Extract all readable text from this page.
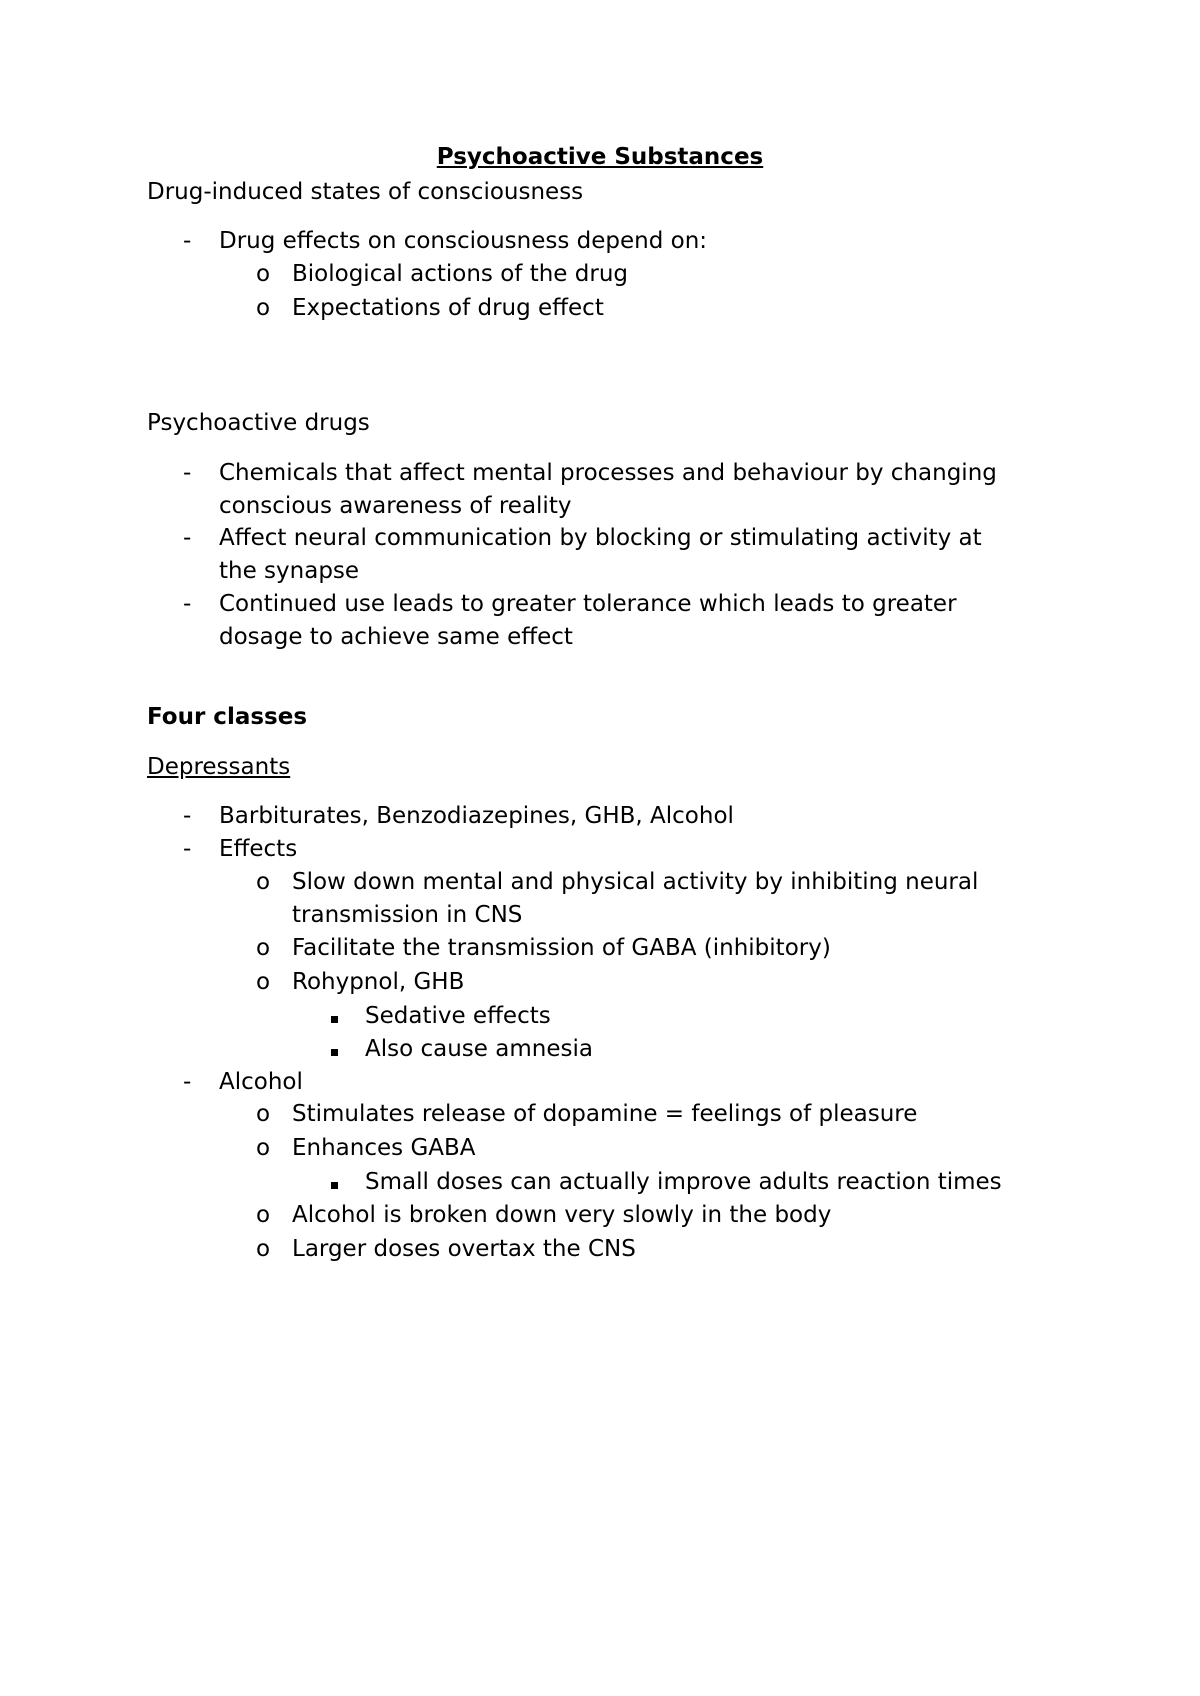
Psychoactive Substances

Drug-induced states of consciousness

- Drug effects on consciousness depend on:

o Biological actions of the drug

o Expectations of drug effect

Psychoactive drugs

- Chemicals that affect mental processes and behaviour by changing

conscious awareness of reality

- Affect neural communication by blocking or stimulating activity at

the synapse

- Continued use leads to greater tolerance which leads to greater

dosage to achieve same effect

Four classes

Depressants

- Barbiturates, Benzodiazepines, GHB, Alcohol

- Effects

o Slow down mental and physical activity by inhibiting neural

transmission in CNS

o Facilitate the transmission of GABA (inhibitory)

o Rohypnol, GHB

Sedative effects

Also cause amnesia

- Alcohol

o Stimulates release of dopamine = feelings of pleasure

o Enhances GABA

Small doses can actually improve adults reaction times

o Alcohol is broken down very slowly in the body

o Larger doses overtax the CNS
